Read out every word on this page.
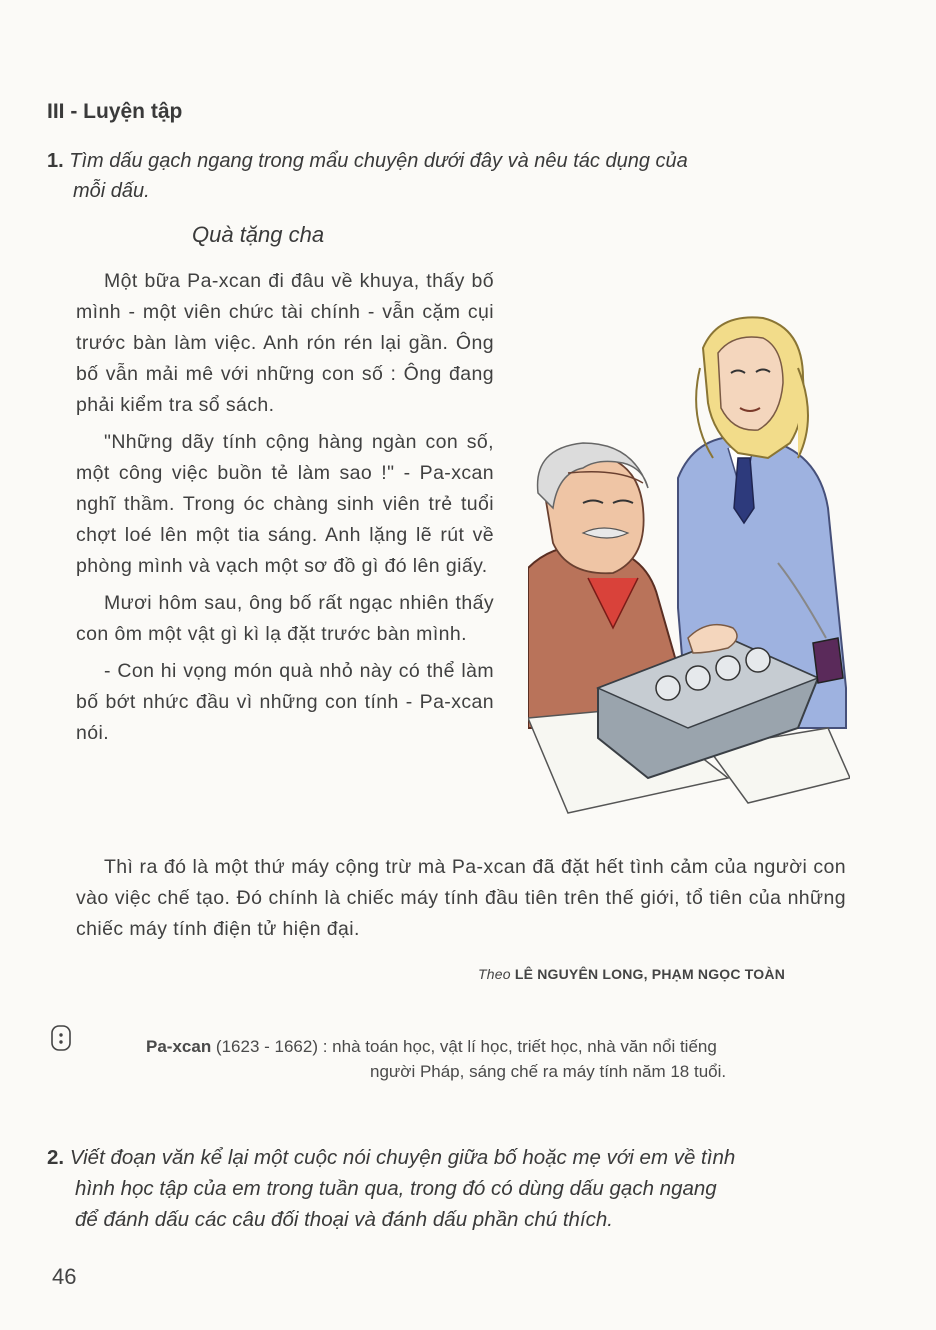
III - Luyện tập
1. Tìm dấu gạch ngang trong mẩu chuyện dưới đây và nêu tác dụng của
mỗi dấu.
Quà tặng cha

Một bữa Pa-xcan đi đâu về khuya, thấy bố mình - một viên chức tài chính - vẫn cặm cụi trước bàn làm việc. Anh rón rén lại gần. Ông bố vẫn mải mê với những con số : Ông đang phải kiểm tra sổ sách.

"Những dãy tính cộng hàng ngàn con số, một công việc buồn tẻ làm sao !" - Pa-xcan nghĩ thầm. Trong óc chàng sinh viên trẻ tuổi chợt loé lên một tia sáng. Anh lặng lẽ rút về phòng mình và vạch một sơ đồ gì đó lên giấy.

Mươi hôm sau, ông bố rất ngạc nhiên thấy con ôm một vật gì kì lạ đặt trước bàn mình.

- Con hi vọng món quà nhỏ này có thể làm bố bớt nhức đầu vì những con tính - Pa-xcan nói.

Thì ra đó là một thứ máy cộng trừ mà Pa-xcan đã đặt hết tình cảm của người con vào việc chế tạo. Đó chính là chiếc máy tính đầu tiên trên thế giới, tổ tiên của những chiếc máy tính điện tử hiện đại.

Theo LÊ NGUYÊN LONG, PHẠM NGỌC TOÀN
Pa-xcan (1623 - 1662) : nhà toán học, vật lí học, triết học, nhà văn nổi tiếng
người Pháp, sáng chế ra máy tính năm 18 tuổi.
2. Viết đoạn văn kể lại một cuộc nói chuyện giữa bố hoặc mẹ với em về tình
hình học tập của em trong tuần qua, trong đó có dùng dấu gạch ngang
để đánh dấu các câu đối thoại và đánh dấu phần chú thích.
46
